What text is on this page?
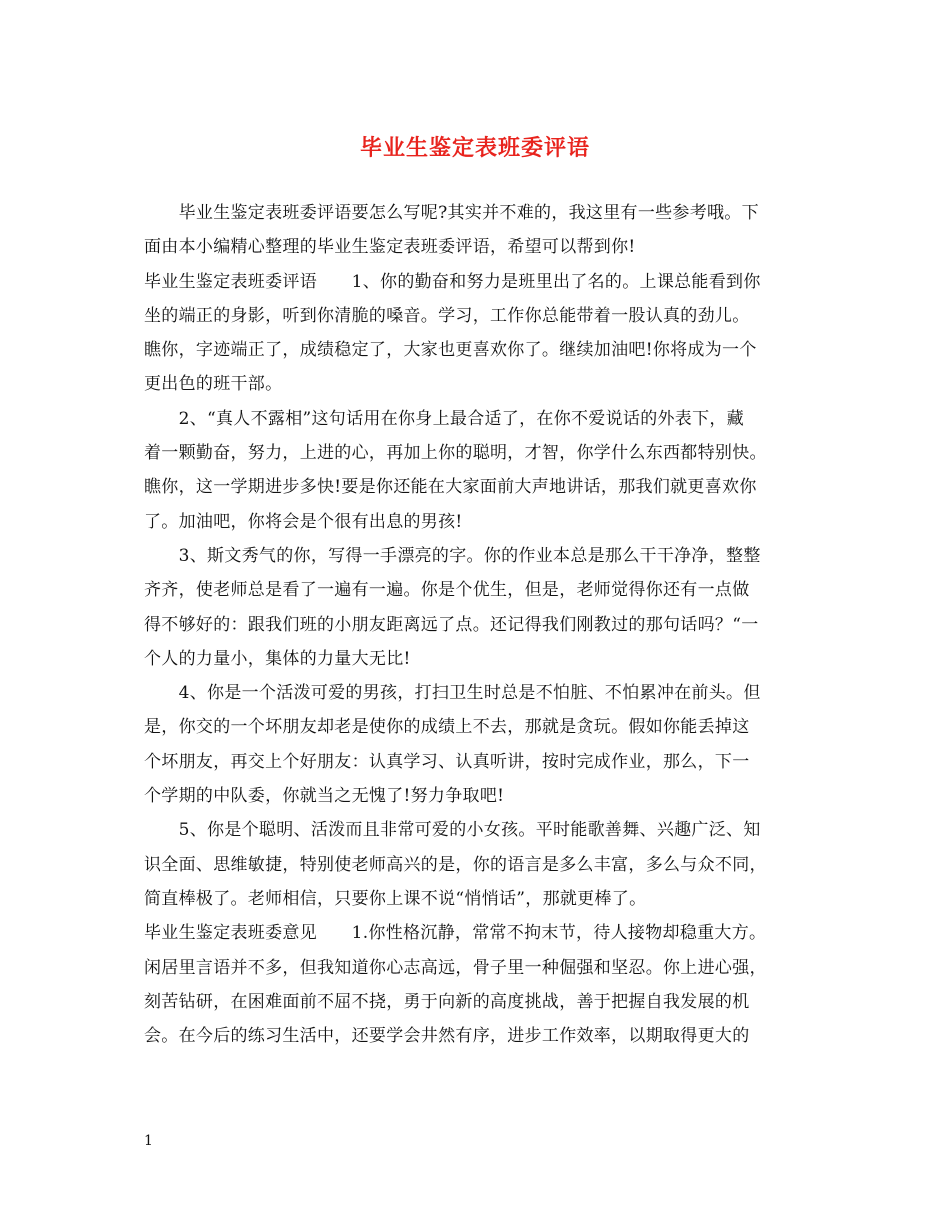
毕业生鉴定表班委评语
　　毕业生鉴定表班委评语要怎么写呢?其实并不难的，我这里有一些参考哦。下
面由本小编精心整理的毕业生鉴定表班委评语，希望可以帮到你!
毕业生鉴定表班委评语　　1、你的勤奋和努力是班里出了名的。上课总能看到你
坐的端正的身影，听到你清脆的嗓音。学习，工作你总能带着一股认真的劲儿。
瞧你，字迹端正了，成绩稳定了，大家也更喜欢你了。继续加油吧!你将成为一个
更出色的班干部。
　　2、“真人不露相”这句话用在你身上最合适了，在你不爱说话的外表下，藏
着一颗勤奋，努力，上进的心，再加上你的聪明，才智，你学什么东西都特别快。
瞧你，这一学期进步多快!要是你还能在大家面前大声地讲话，那我们就更喜欢你
了。加油吧，你将会是个很有出息的男孩!
　　3、斯文秀气的你，写得一手漂亮的字。你的作业本总是那么干干净净，整整
齐齐，使老师总是看了一遍有一遍。你是个优生，但是，老师觉得你还有一点做
得不够好的：跟我们班的小朋友距离远了点。还记得我们刚教过的那句话吗？“一
个人的力量小，集体的力量大无比!
　　4、你是一个活泼可爱的男孩，打扫卫生时总是不怕脏、不怕累冲在前头。但
是，你交的一个坏朋友却老是使你的成绩上不去，那就是贪玩。假如你能丢掉这
个坏朋友，再交上个好朋友：认真学习、认真听讲，按时完成作业，那么，下一
个学期的中队委，你就当之无愧了!努力争取吧!
　　5、你是个聪明、活泼而且非常可爱的小女孩。平时能歌善舞、兴趣广泛、知
识全面、思维敏捷，特别使老师高兴的是，你的语言是多么丰富，多么与众不同，
简直棒极了。老师相信，只要你上课不说“悄悄话”，那就更棒了。
毕业生鉴定表班委意见　　1.你性格沉静，常常不拘末节，待人接物却稳重大方。
闲居里言语并不多，但我知道你心志高远，骨子里一种倔强和坚忍。你上进心强，
刻苦钻研，在困难面前不屈不挠，勇于向新的高度挑战，善于把握自我发展的机
会。在今后的练习生活中，还要学会井然有序，进步工作效率，以期取得更大的
1
